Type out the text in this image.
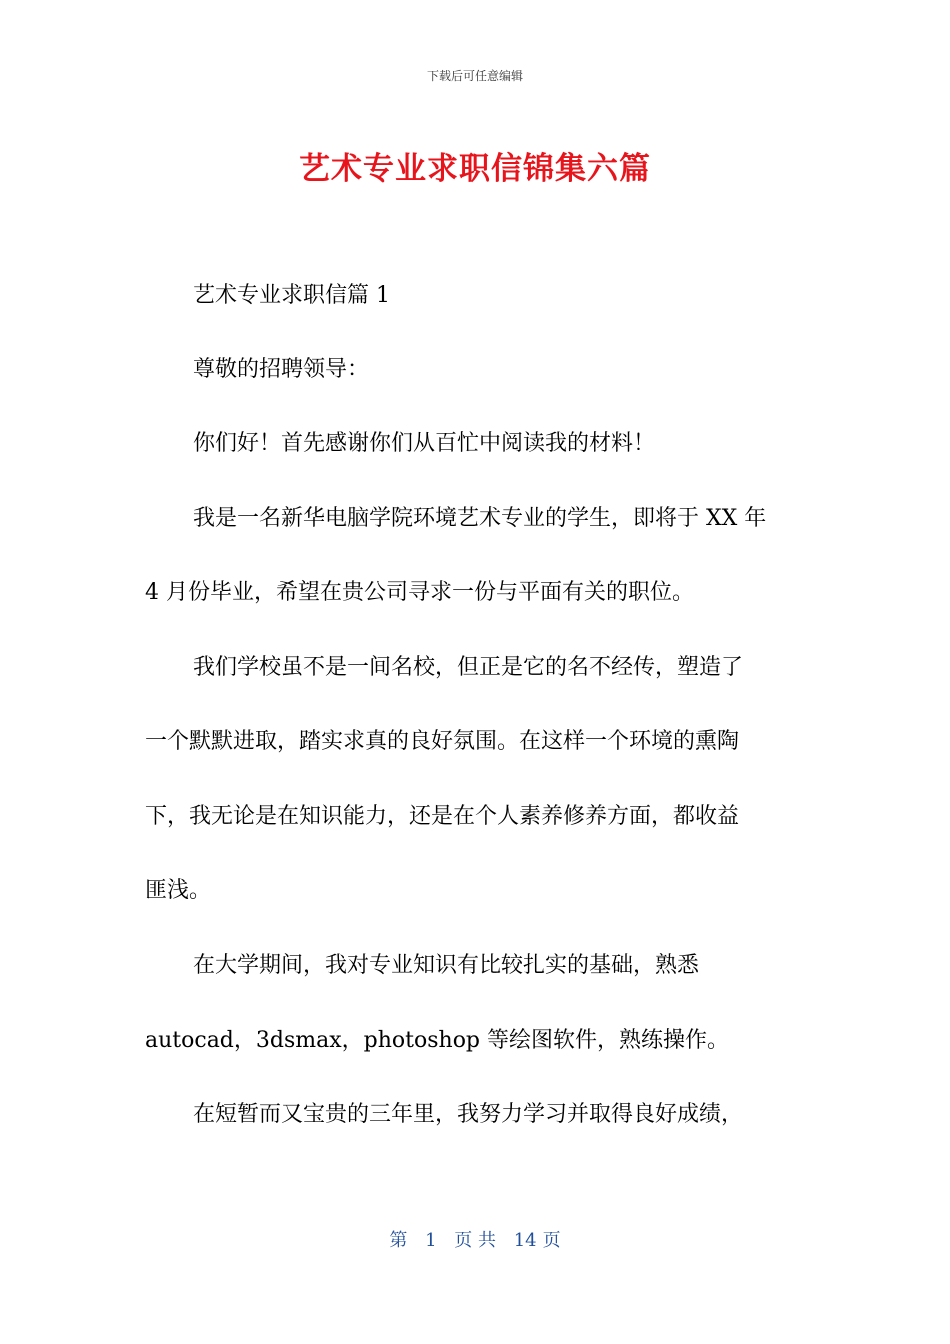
下载后可任意编辑
艺术专业求职信锦集六篇
艺术专业求职信篇 1
尊敬的招聘领导：
你们好！首先感谢你们从百忙中阅读我的材料！
我是一名新华电脑学院环境艺术专业的学生，即将于 XX 年
4 月份毕业，希望在贵公司寻求一份与平面有关的职位。
我们学校虽不是一间名校，但正是它的名不经传，塑造了
一个默默进取，踏实求真的良好氛围。在这样一个环境的熏陶
下，我无论是在知识能力，还是在个人素养修养方面，都收益
匪浅。
在大学期间，我对专业知识有比较扎实的基础，熟悉
autocad，3dsmax，photoshop 等绘图软件，熟练操作。
在短暂而又宝贵的三年里，我努力学习并取得良好成绩，
第 1 页 共 14 页
